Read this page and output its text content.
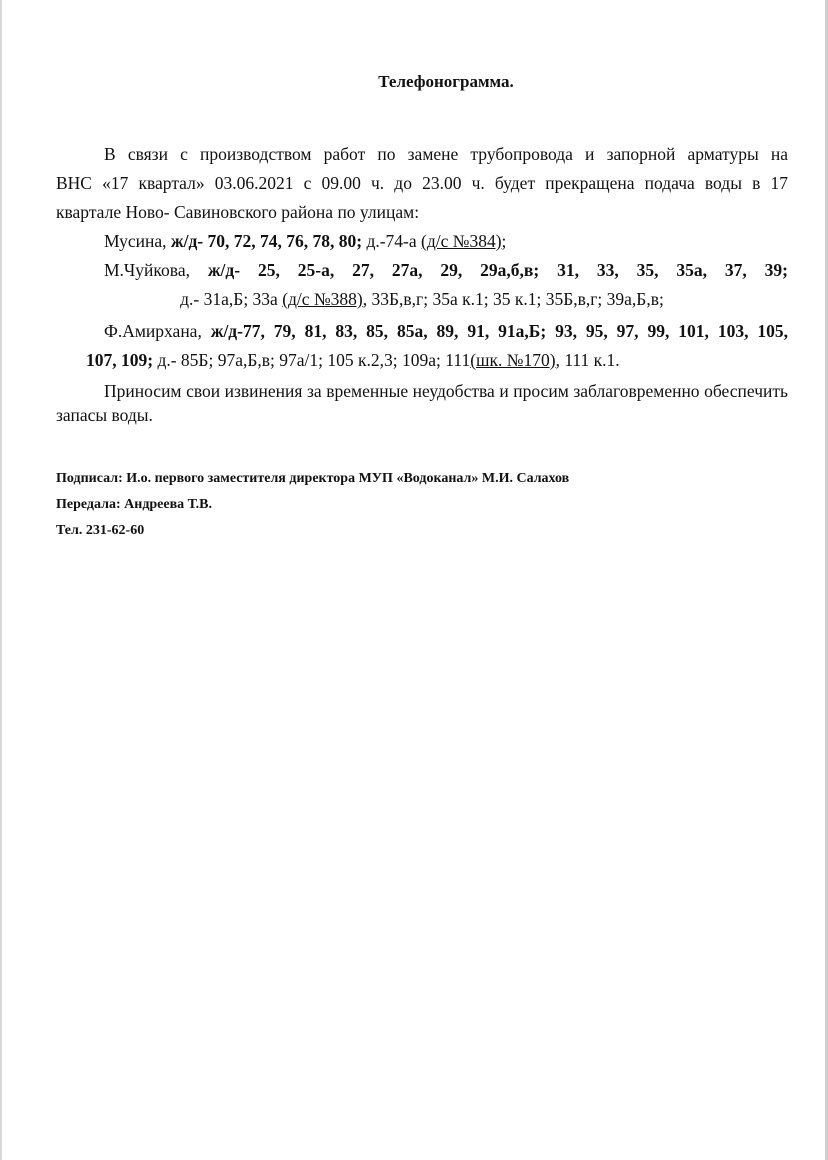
Телефонограмма.

В связи с производством работ по замене трубопровода и запорной арматуры на

ВНС «17 квартал» 03.06.2021 с 09.00 ч. до 23.00 ч. будет прекращена подача воды в 17

квартале Ново- Савиновского района по улицам:

Мусина, ж/д- 70, 72, 74, 76, 78, 80; д.-74-а (д/с №384);

М.Чуйкова, ж/д- 25, 25-а, 27, 27а, 29, 29а,б,в; 31, 33, 35, 35а, 37, 39;

д.- 31а,Б; 33а (д/с №388), 33Б,в,г; 35а к.1; 35 к.1; 35Б,в,г; 39а,Б,в;

Ф.Амирхана, ж/д-77, 79, 81, 83, 85, 85а, 89, 91, 91а,Б; 93, 95, 97, 99, 101, 103, 105,

107, 109; д.- 85Б; 97а,Б,в; 97а/1; 105 к.2,3; 109а; 111(шк. №170), 111 к.1.

Приносим свои извинения за временные неудобства и просим заблаговременно обеспечить запасы воды.

Подписал: И.о. первого заместителя директора МУП «Водоканал» М.И. Салахов
Передала: Андреева Т.В.
Тел. 231-62-60
